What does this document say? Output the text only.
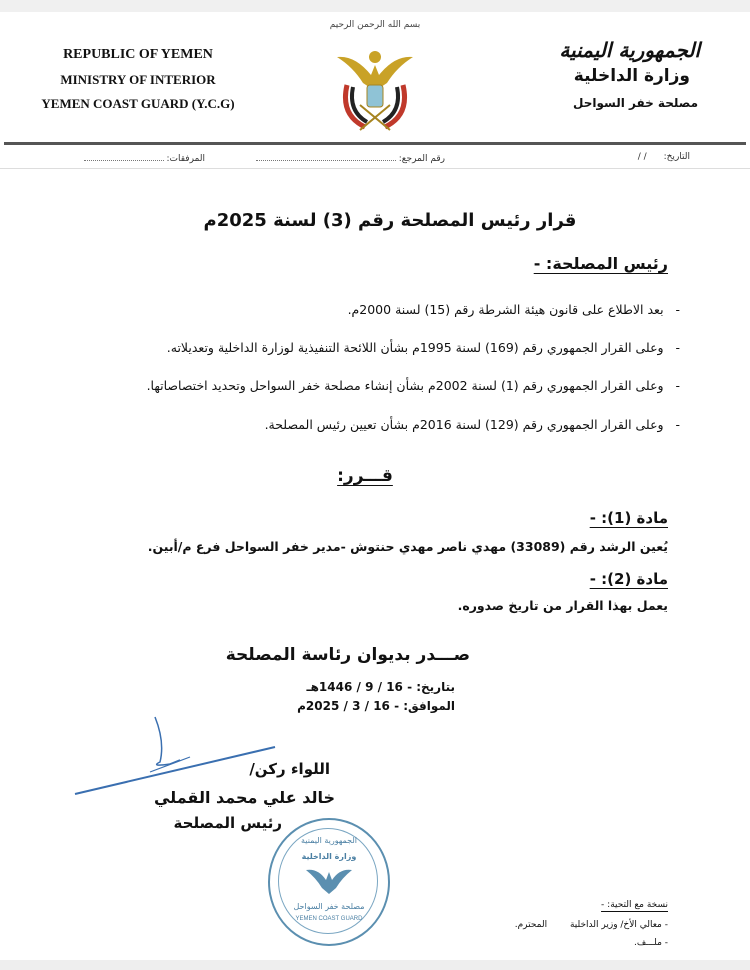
REPUBLIC OF YEMEN
MINISTRY OF INTERIOR
YEMEN COAST GUARD (Y.C.G)
بسم الله الرحمن الرحيم
الجمهورية اليمنية
وزارة الداخلية
مصلحة خفر السواحل
التاريخ: / /
رقم المرجع:
المرفقات:
قرار رئيس المصلحة رقم (3) لسنة 2025م
رئيس المصلحة: -
-   بعد الاطلاع على قانون هيئة الشرطة رقم (15) لسنة 2000م.
-   وعلى القرار الجمهوري رقم (169) لسنة 1995م بشأن اللائحة التنفيذية لوزارة الداخلية وتعديلاته.
-   وعلى القرار الجمهوري رقم (1) لسنة 2002م بشأن إنشاء مصلحة خفر السواحل وتحديد اختصاصاتها.
-   وعلى القرار الجمهوري رقم (129) لسنة 2016م بشأن تعيين رئيس المصلحة.
قـــرر:
مادة (1): -
يُعين الرشد رقم (33089) مهدي ناصر مهدي حنتوش -مدير خفر السواحل فرع م/أبين.
مادة (2): -
يعمل بهذا القرار من تاريخ صدوره.
صـــدر بديوان رئاسة المصلحة
بتاريخ: - 16 / 9 / 1446هـ
الموافق: - 16 / 3 / 2025م
اللواء ركن/
خالد علي محمد القملي
رئيس المصلحة
الجمهورية اليمنية
وزارة الداخلية
مصلحة خفر السواحل
YEMEN COAST GUARD
نسخة مع التحية: -
- معالي الأخ/ وزير الداخلية        المحترم.
- ملـــف.
